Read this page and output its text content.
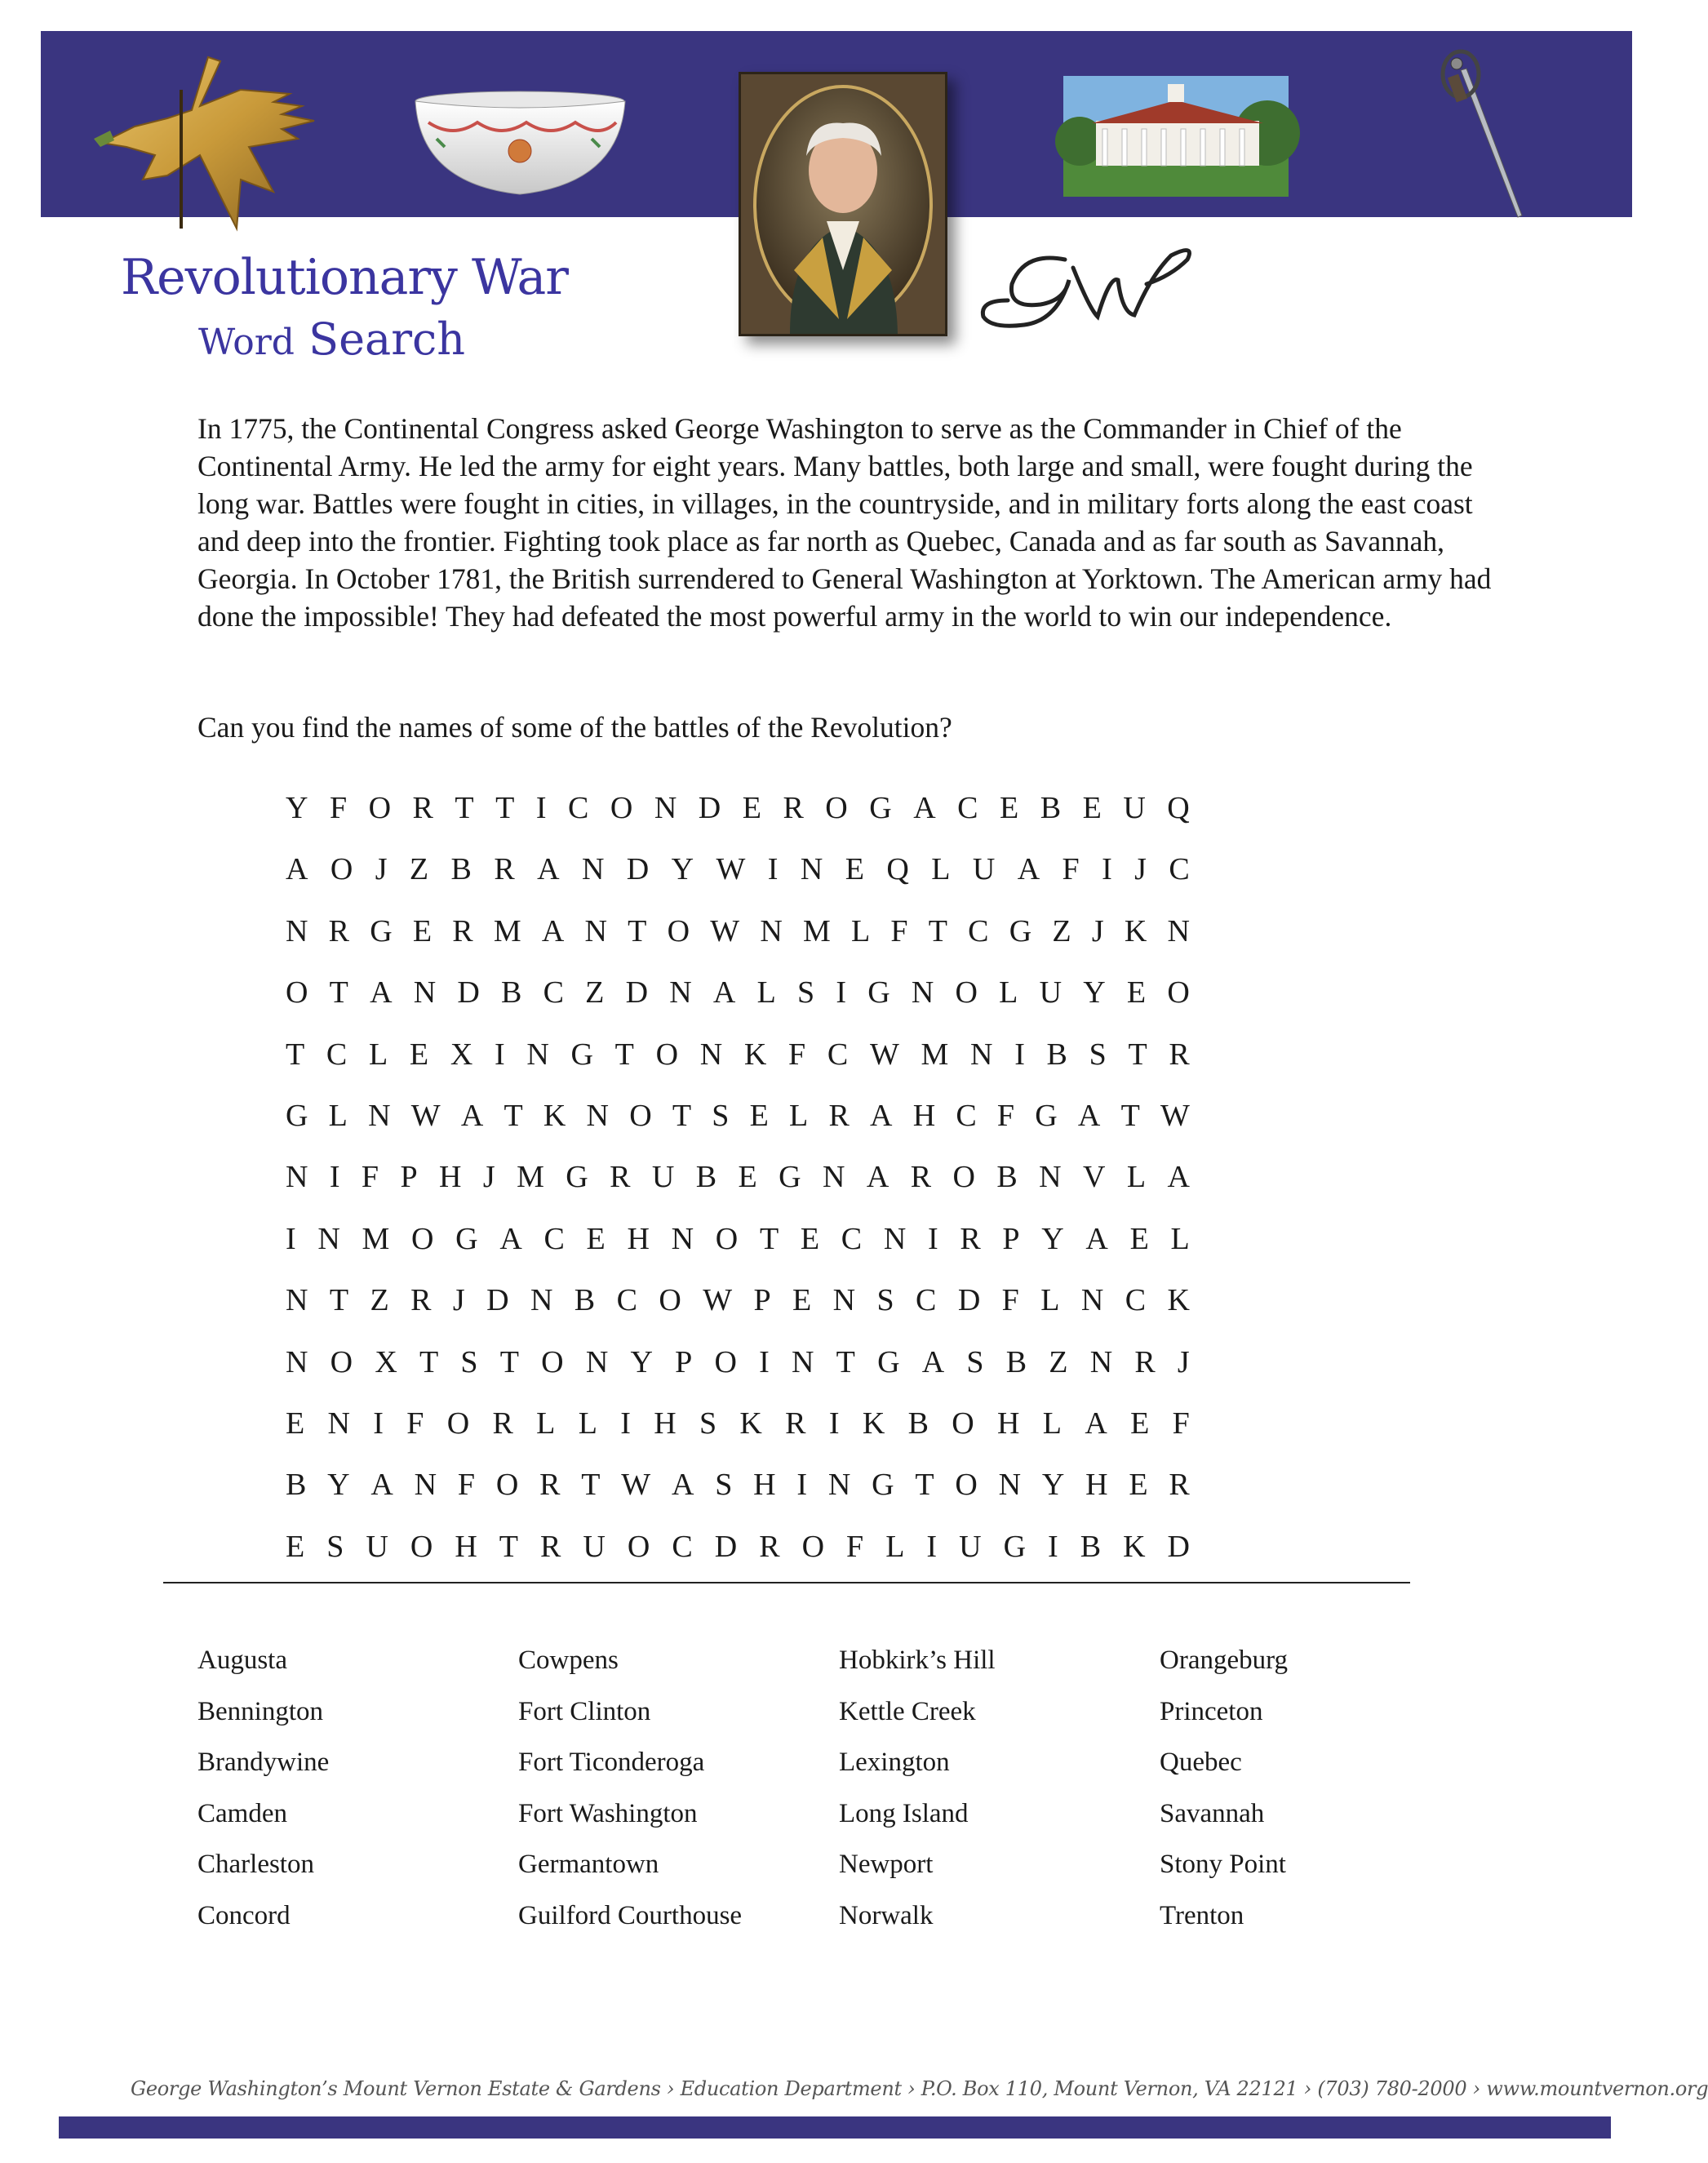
GW
Revolutionary War
Word Search

In 1775, the Continental Congress asked George Washington to serve as the Commander in Chief of the Continental Army. He led the army for eight years. Many battles, both large and small, were fought during the long war. Battles were fought in cities, in villages, in the countryside, and in military forts along the east coast and deep into the frontier. Fighting took place as far north as Quebec, Canada and as far south as Savannah, Georgia. In October 1781, the British surrendered to General Washington at Yorktown. The American army had done the impossible! They had defeated the most powerful army in the world to win our independence.

Can you find the names of some of the battles of the Revolution?

Y F O R T T I C O N D E R O G A C E B E U Q
A O J Z B R A N D Y W I N E Q L U A F I J C
N R G E R M A N T O W N M L F T C G Z J K N
O T A N D B C Z D N A L S I G N O L U Y E O
T C L E X I N G T O N K F C W M N I B S T R
G L N W A T K N O T S E L R A H C F G A T W
N I F P H J M G R U B E G N A R O B N V L A
I N M O G A C E H N O T E C N I R P Y A E L
N T Z R J D N B C O W P E N S C D F L N C K
N O X T S T O N Y P O I N T G A S B Z N R J
E N I F O R L L I H S K R I K B O H L A E F
B Y A N F O R T W A S H I N G T O N Y H E R
E S U O H T R U O C D R O F L I U G I B K D
Augusta
Bennington
Brandywine
Camden
Charleston
Concord
Cowpens
Fort Clinton
Fort Ticonderoga
Fort Washington
Germantown
Guilford Courthouse
Hobkirk’s Hill
Kettle Creek
Lexington
Long Island
Newport
Norwalk
Orangeburg
Princeton
Quebec
Savannah
Stony Point
Trenton
George Washington’s Mount Vernon Estate & Gardens › Education Department › P.O. Box 110, Mount Vernon, VA 22121 › (703) 780-2000 › www.mountvernon.org
